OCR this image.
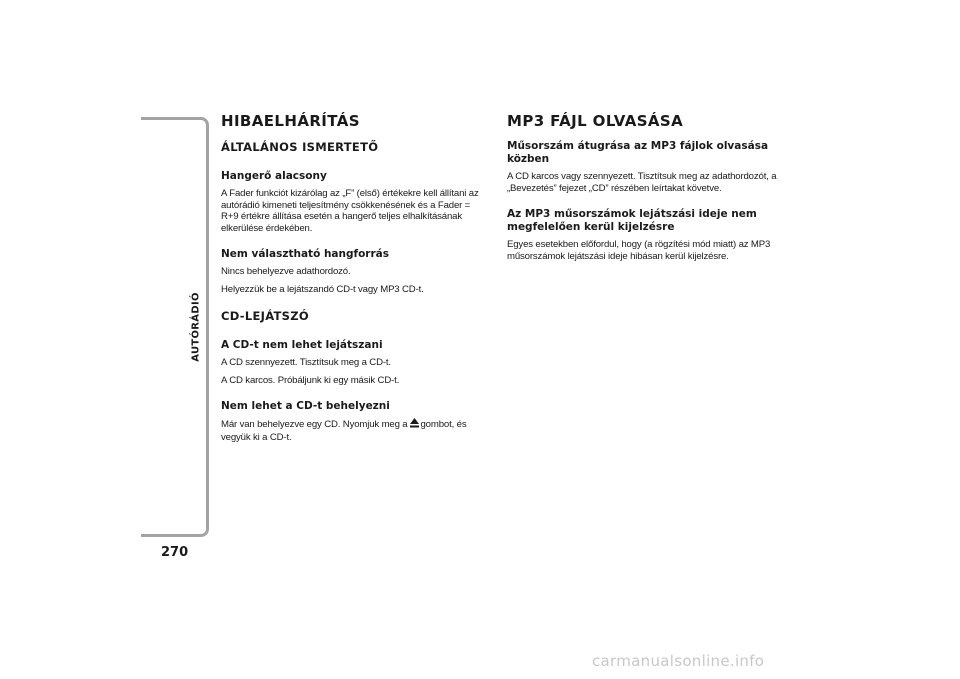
AUTÓRÁDIÓ
270
HIBAELHÁRÍTÁS
ÁLTALÁNOS ISMERTETŐ
Hangerő alacsony
A Fader funkciót kizárólag az „F” (első) értékekre kell állítani az autórádió kimeneti teljesítmény csökkenésének és a Fader = R+9 értékre állítása esetén a hangerő teljes elhalkításának elkerülése érdekében.
Nem választható hangforrás
Nincs behelyezve adathordozó.
Helyezzük be a lejátszandó CD-t vagy MP3 CD-t.
CD-LEJÁTSZÓ
A CD-t nem lehet lejátszani
A CD szennyezett. Tisztítsuk meg a CD-t.
A CD karcos. Próbáljunk ki egy másik CD-t.
Nem lehet a CD-t behelyezni
Már van behelyezve egy CD. Nyomjuk meg a gombot, és vegyük ki a CD-t.
MP3 FÁJL OLVASÁSA
Műsorszám átugrása az MP3 fájlok olvasása közben
A CD karcos vagy szennyezett. Tisztítsuk meg az adathordozót, a „Bevezetés” fejezet „CD” részében leírtakat követve.
Az MP3 műsorszámok lejátszási ideje nem megfelelően kerül kijelzésre
Egyes esetekben előfordul, hogy (a rögzítési mód miatt) az MP3 műsorszámok lejátszási ideje hibásan kerül kijelzésre.
carmanualsonline.info
